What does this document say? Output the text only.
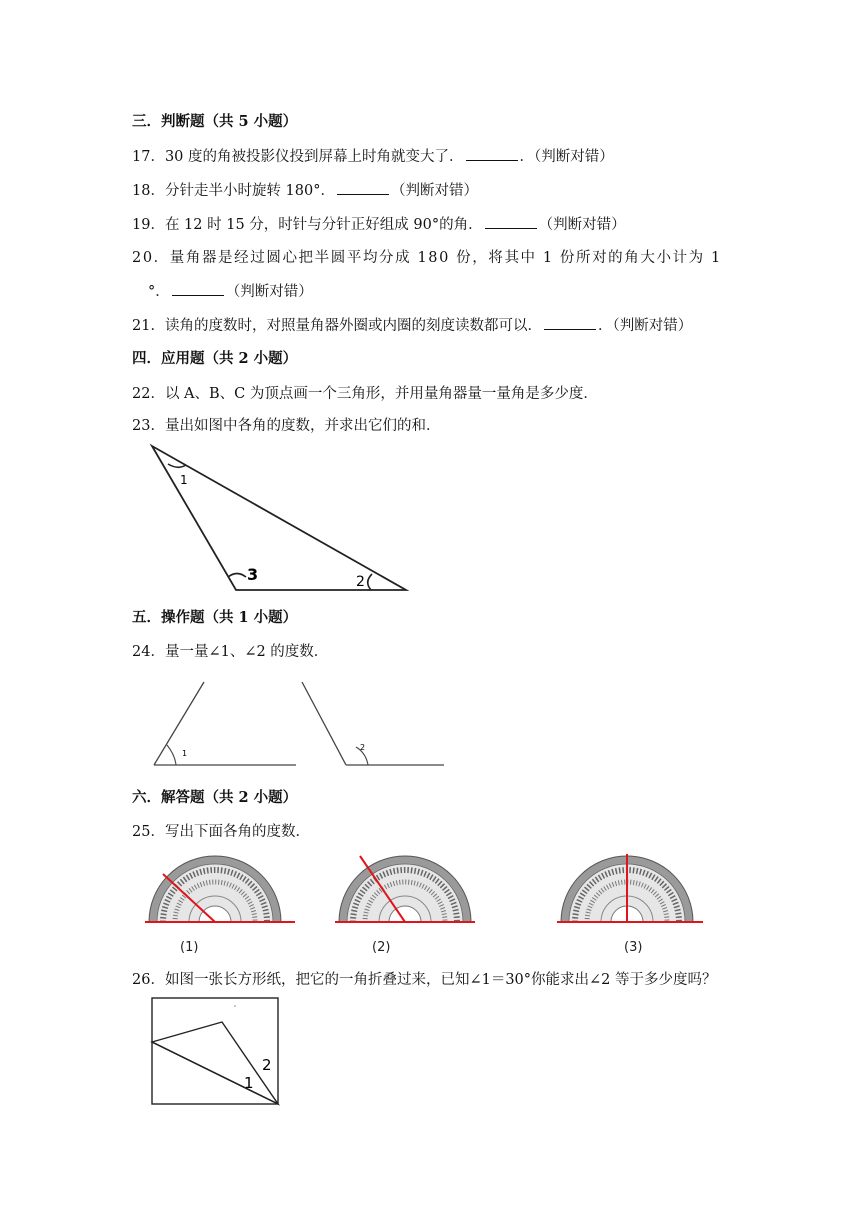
三．判断题（共 5 小题）
17．30 度的角被投影仪投到屏幕上时角就变大了．	．（判断对错）
18．分针走半小时旋转 180°．	（判断对错）
19．在 12 时 15 分，时针与分针正好组成 90°的角．	（判断对错）
20．量角器是经过圆心把半圆平均分成 180 份，将其中 1 份所对的角大小计为 1
°．	（判断对错）
21．读角的度数时，对照量角器外圈或内圈的刻度读数都可以．	．（判断对错）
四．应用题（共 2 小题）
22．以 A、B、C 为顶点画一个三角形，并用量角器量一量角是多少度．
23．量出如图中各角的度数，并求出它们的和．
1
2
3
五．操作题（共 1 小题）
24．量一量∠1、∠2 的度数．
1
2
六．解答题（共 2 小题）
25．写出下面各角的度数．
(1)	(2)	(3)
26．如图一张长方形纸，把它的一角折叠过来，已知∠1＝30°你能求出∠2 等于多少度吗？
'
2
1
